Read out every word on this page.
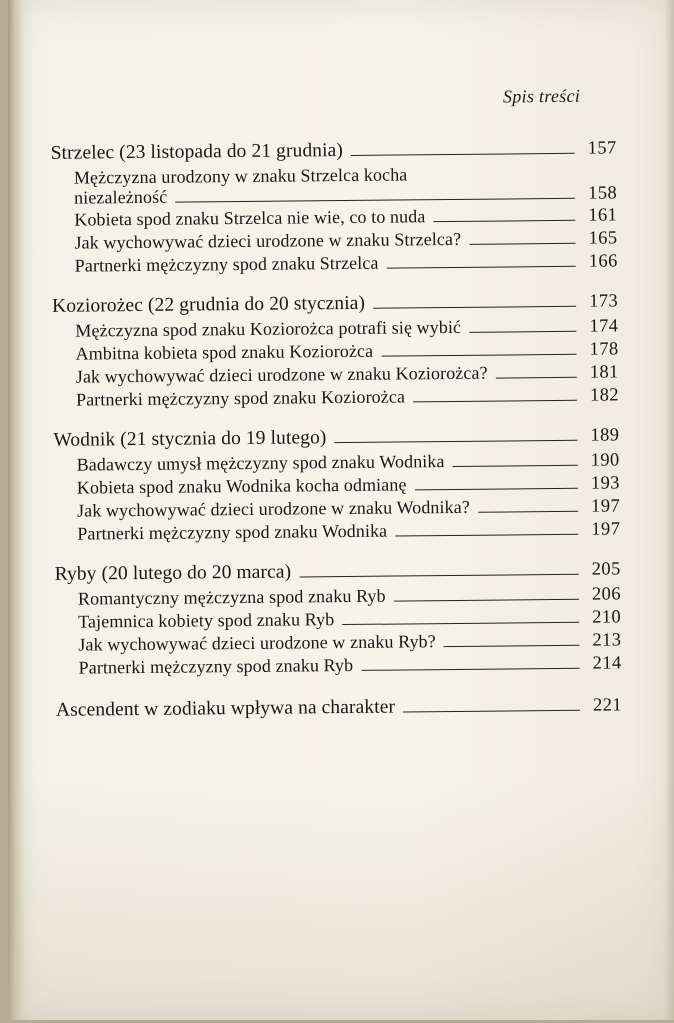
Spis treści
Strzelec (23 listopada do 21 grudnia)	157
Mężczyzna urodzony w znaku Strzelca kocha
niezależność	158
Kobieta spod znaku Strzelca nie wie, co to nuda	161
Jak wychowywać dzieci urodzone w znaku Strzelca?	165
Partnerki mężczyzny spod znaku Strzelca	166
Koziorożec (22 grudnia do 20 stycznia)	173
Mężczyzna spod znaku Koziorożca potrafi się wybić	174
Ambitna kobieta spod znaku Koziorożca	178
Jak wychowywać dzieci urodzone w znaku Koziorożca?	181
Partnerki mężczyzny spod znaku Koziorożca	182
Wodnik (21 stycznia do 19 lutego)	189
Badawczy umysł mężczyzny spod znaku Wodnika	190
Kobieta spod znaku Wodnika kocha odmianę	193
Jak wychowywać dzieci urodzone w znaku Wodnika?	197
Partnerki mężczyzny spod znaku Wodnika	197
Ryby (20 lutego do 20 marca)	205
Romantyczny mężczyzna spod znaku Ryb	206
Tajemnica kobiety spod znaku Ryb	210
Jak wychowywać dzieci urodzone w znaku Ryb?	213
Partnerki mężczyzny spod znaku Ryb	214
Ascendent w zodiaku wpływa na charakter	221
